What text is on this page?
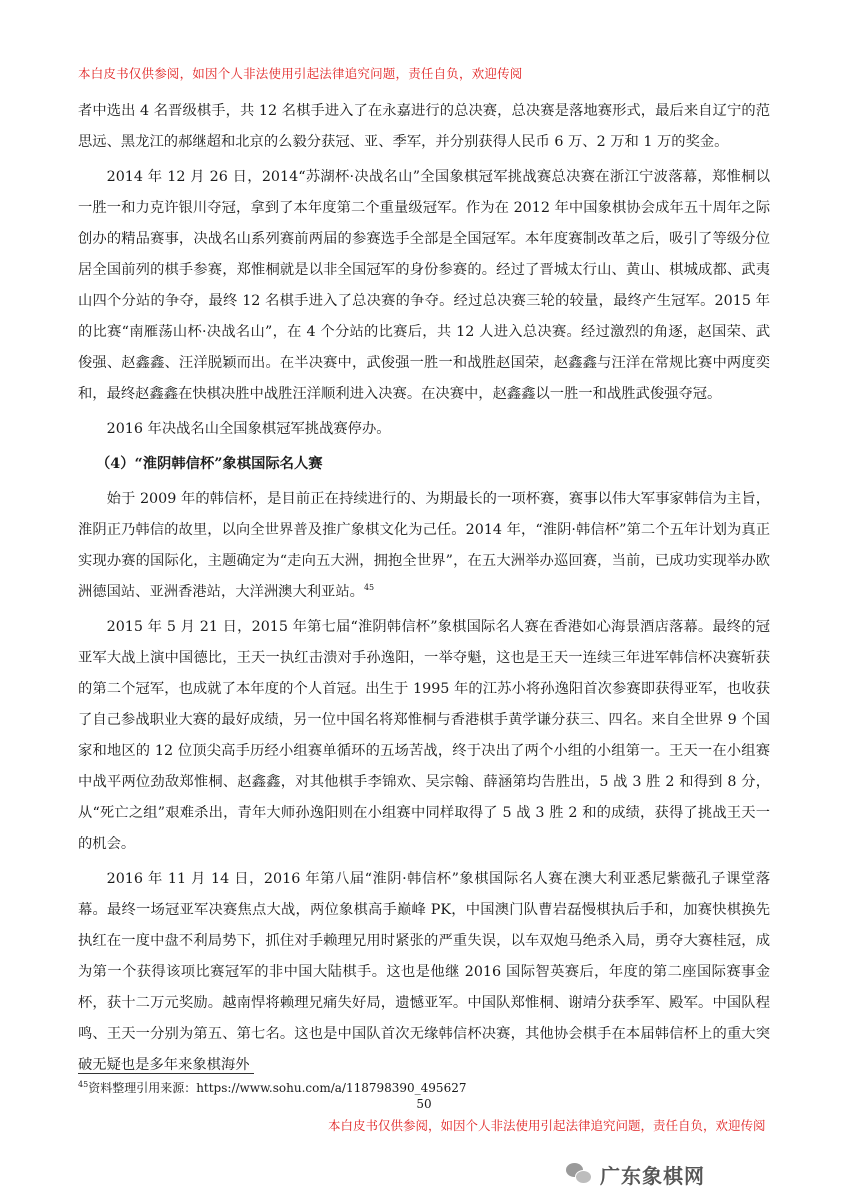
本白皮书仅供参阅，如因个人非法使用引起法律追究问题，责任自负，欢迎传阅

者中选出 4 名晋级棋手，共 12 名棋手进入了在永嘉进行的总决赛，总决赛是落地赛形式，最后来自辽宁的范思远、黑龙江的郝继超和北京的么毅分获冠、亚、季军，并分别获得人民币 6 万、2 万和 1 万的奖金。

2014 年 12 月 26 日，2014“苏湖杯·决战名山”全国象棋冠军挑战赛总决赛在浙江宁波落幕，郑惟桐以一胜一和力克许银川夺冠，拿到了本年度第二个重量级冠军。作为在 2012 年中国象棋协会成年五十周年之际创办的精品赛事，决战名山系列赛前两届的参赛选手全部是全国冠军。本年度赛制改革之后，吸引了等级分位居全国前列的棋手参赛，郑惟桐就是以非全国冠军的身份参赛的。经过了晋城太行山、黄山、棋城成都、武夷山四个分站的争夺，最终 12 名棋手进入了总决赛的争夺。经过总决赛三轮的较量，最终产生冠军。2015 年的比赛“南雁荡山杯·决战名山”，在 4 个分站的比赛后，共 12 人进入总决赛。经过激烈的角逐，赵国荣、武俊强、赵鑫鑫、汪洋脱颖而出。在半决赛中，武俊强一胜一和战胜赵国荣，赵鑫鑫与汪洋在常规比赛中两度奕和，最终赵鑫鑫在快棋决胜中战胜汪洋顺利进入决赛。在决赛中，赵鑫鑫以一胜一和战胜武俊强夺冠。

2016 年决战名山全国象棋冠军挑战赛停办。

（4）“淮阴韩信杯”象棋国际名人赛

始于 2009 年的韩信杯，是目前正在持续进行的、为期最长的一项杯赛，赛事以伟大军事家韩信为主旨，淮阴正乃韩信的故里，以向全世界普及推广象棋文化为己任。2014 年，“淮阴·韩信杯”第二个五年计划为真正实现办赛的国际化，主题确定为“走向五大洲，拥抱全世界”，在五大洲举办巡回赛，当前，已成功实现举办欧洲德国站、亚洲香港站，大洋洲澳大利亚站。$^{45}$

2015 年 5 月 21 日，2015 年第七届“淮阴韩信杯”象棋国际名人赛在香港如心海景酒店落幕。最终的冠亚军大战上演中国德比，王天一执红击溃对手孙逸阳，一举夺魁，这也是王天一连续三年进军韩信杯决赛斩获的第二个冠军，也成就了本年度的个人首冠。出生于 1995 年的江苏小将孙逸阳首次参赛即获得亚军，也收获了自己参战职业大赛的最好成绩，另一位中国名将郑惟桐与香港棋手黄学谦分获三、四名。来自全世界 9 个国家和地区的 12 位顶尖高手历经小组赛单循环的五场苦战，终于决出了两个小组的小组第一。王天一在小组赛中战平两位劲敌郑惟桐、赵鑫鑫，对其他棋手李锦欢、吴宗翰、薛涵第均告胜出，5 战 3 胜 2 和得到 8 分，从“死亡之组”艰难杀出，青年大师孙逸阳则在小组赛中同样取得了 5 战 3 胜 2 和的成绩，获得了挑战王天一的机会。

2016 年 11 月 14 日，2016 年第八届“淮阴·韩信杯”象棋国际名人赛在澳大利亚悉尼紫薇孔子课堂落幕。最终一场冠亚军决赛焦点大战，两位象棋高手巅峰 PK，中国澳门队曹岩磊慢棋执后手和，加赛快棋换先执红在一度中盘不利局势下，抓住对手赖理兄用时紧张的严重失误，以车双炮马绝杀入局，勇夺大赛桂冠，成为第一个获得该项比赛冠军的非中国大陆棋手。这也是他继 2016 国际智英赛后，年度的第二座国际赛事金杯，获十二万元奖励。越南悍将赖理兄痛失好局，遗憾亚军。中国队郑惟桐、谢靖分获季军、殿军。中国队程鸣、王天一分别为第五、第七名。这也是中国队首次无缘韩信杯决赛，其他协会棋手在本届韩信杯上的重大突破无疑也是多年来象棋海外

$^{45}$资料整理引用来源：https://www.sohu.com/a/118798390_495627
50
本白皮书仅供参阅，如因个人非法使用引起法律追究问题，责任自负，欢迎传阅
广东象棋网
